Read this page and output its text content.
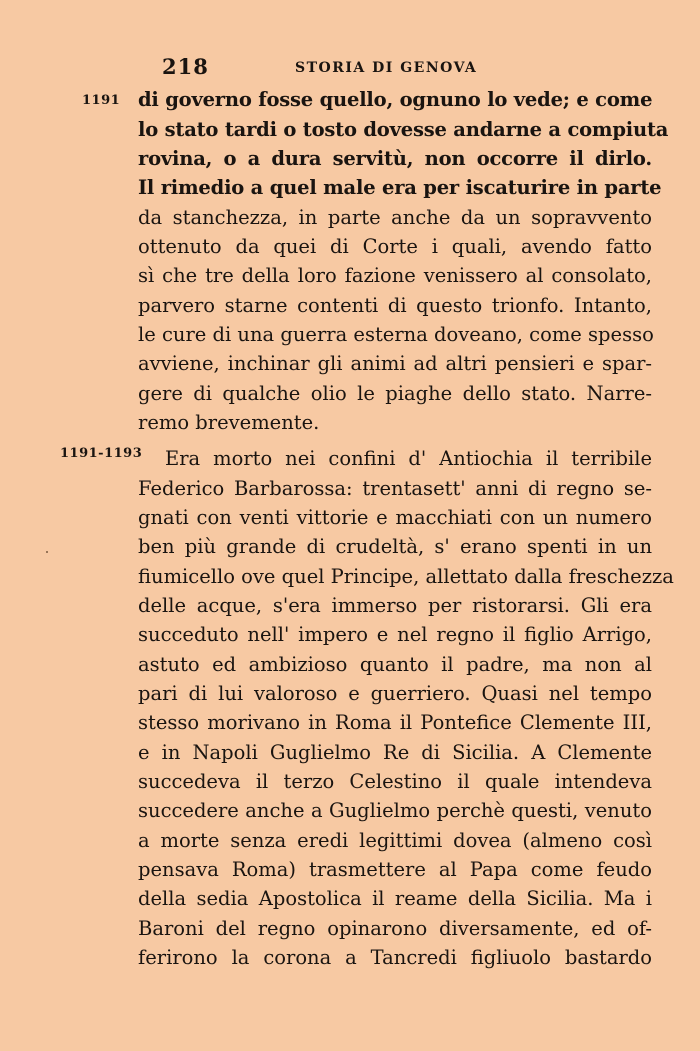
218	STORIA DI GENOVA
1191
1191-1193
di governo fosse quello, ognuno lo vede; e come
lo stato tardi o tosto dovesse andarne a compiuta
rovina, o a dura servitù, non occorre il dirlo.
Il rimedio a quel male era per iscaturire in parte
da stanchezza, in parte anche da un sopravvento
ottenuto da quei di Corte i quali, avendo fatto
sì che tre della loro fazione venissero al consolato,
parvero starne contenti di questo trionfo. Intanto,
le cure di una guerra esterna doveano, come spesso
avviene, inchinar gli animi ad altri pensieri e spar-
gere di qualche olio le piaghe dello stato. Narre-
remo brevemente.
Era morto nei confini d' Antiochia il terribile
Federico Barbarossa: trentasett' anni di regno se-
gnati con venti vittorie e macchiati con un numero
ben più grande di crudeltà, s' erano spenti in un
fiumicello ove quel Principe, allettato dalla freschezza
delle acque, s'era immerso per ristorarsi. Gli era
succeduto nell' impero e nel regno il figlio Arrigo,
astuto ed ambizioso quanto il padre, ma non al
pari di lui valoroso e guerriero. Quasi nel tempo
stesso morivano in Roma il Pontefice Clemente III,
e in Napoli Guglielmo Re di Sicilia. A Clemente
succedeva il terzo Celestino il quale intendeva
succedere anche a Guglielmo perchè questi, venuto
a morte senza eredi legittimi dovea (almeno così
pensava Roma) trasmettere al Papa come feudo
della sedia Apostolica il reame della Sicilia. Ma i
Baroni del regno opinarono diversamente, ed of-
ferirono la corona a Tancredi figliuolo bastardo
